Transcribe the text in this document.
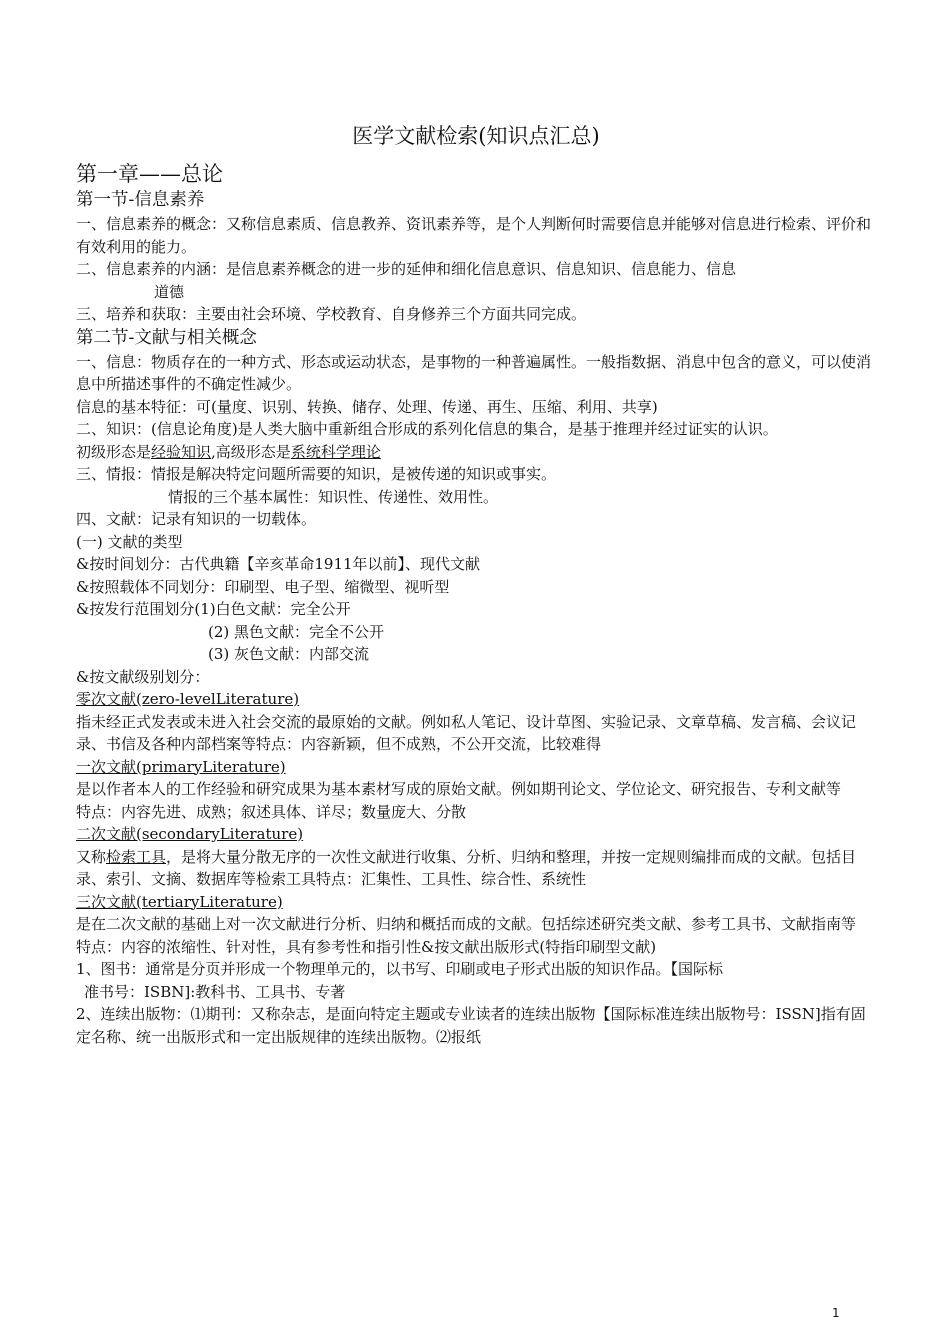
医学文献检索(知识点汇总)
第一章——总论
第一节-信息素养

一、信息素养的概念：又称信息素质、信息教养、资讯素养等，是个人判断何时需要信息并能够对信息进行检索、评价和有效利用的能力。

二、信息素养的内涵：是信息素养概念的进一步的延伸和细化信息意识、信息知识、信息能力、信息

道德

三、培养和获取：主要由社会环境、学校教育、自身修养三个方面共同完成。

第二节-文献与相关概念

一、信息：物质存在的一种方式、形态或运动状态，是事物的一种普遍属性。一般指数据、消息中包含的意义，可以使消息中所描述事件的不确定性减少。

信息的基本特征：可(量度、识别、转换、储存、处理、传递、再生、压缩、利用、共享)

二、知识：(信息论角度)是人类大脑中重新组合形成的系列化信息的集合，是基于推理并经过证实的认识。

初级形态是经验知识,高级形态是系统科学理论

三、情报：情报是解决特定问题所需要的知识，是被传递的知识或事实。

情报的三个基本属性：知识性、传递性、效用性。

四、文献：记录有知识的一切载体。

(一) 文献的类型

&按时间划分：古代典籍【辛亥革命1911年以前】、现代文献

&按照载体不同划分：印刷型、电子型、缩微型、视听型

&按发行范围划分(1)白色文献：完全公开

(2) 黑色文献：完全不公开

(3) 灰色文献：内部交流

&按文献级别划分：

零次文献(zero-levelLiterature)

指未经正式发表或未进入社会交流的最原始的文献。例如私人笔记、设计草图、实验记录、文章草稿、发言稿、会议记录、书信及各种内部档案等特点：内容新颖，但不成熟，不公开交流，比较难得

一次文献(primaryLiterature)

是以作者本人的工作经验和研究成果为基本素材写成的原始文献。例如期刊论文、学位论文、研究报告、专利文献等

特点：内容先进、成熟；叙述具体、详尽；数量庞大、分散

二次文献(secondaryLiterature)

又称检索工具，是将大量分散无序的一次性文献进行收集、分析、归纳和整理，并按一定规则编排而成的文献。包括目录、索引、文摘、数据库等检索工具特点：汇集性、工具性、综合性、系统性

三次文献(tertiaryLiterature)

是在二次文献的基础上对一次文献进行分析、归纳和概括而成的文献。包括综述研究类文献、参考工具书、文献指南等

特点：内容的浓缩性、针对性，具有参考性和指引性&按文献出版形式(特指印刷型文献)

1、图书：通常是分页并形成一个物理单元的，以书写、印刷或电子形式出版的知识作品。【国际标

准书号：ISBN]:教科书、工具书、专著

2、连续出版物：⑴期刊：又称杂志，是面向特定主题或专业读者的连续出版物【国际标准连续出版物号：ISSN]指有固定名称、统一出版形式和一定出版规律的连续出版物。⑵报纸

1
